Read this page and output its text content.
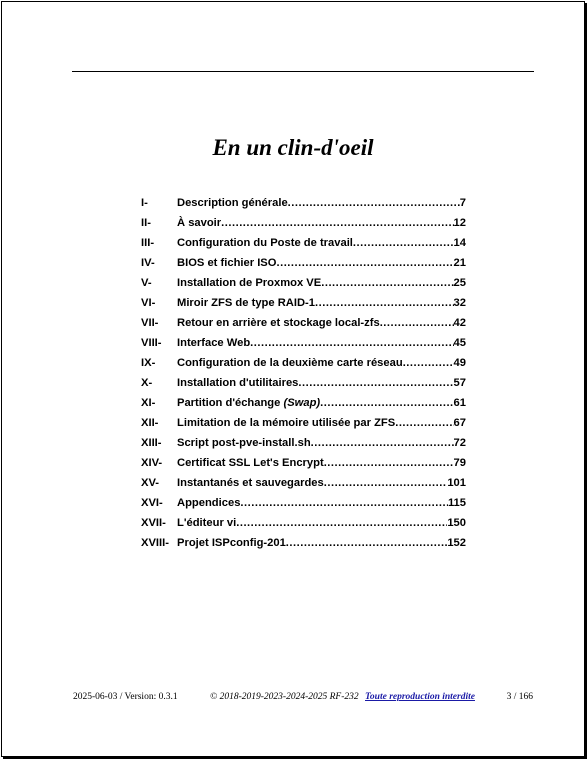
En un clin-d'oeil
I-	Description générale .....	7
II-	À savoir .....	12
III-	Configuration du Poste de travail .....	14
IV-	BIOS et fichier ISO .....	21
V-	Installation de Proxmox VE .....	25
VI-	Miroir ZFS de type RAID-1 .....	32
VII-	Retour en arrière et stockage local-zfs .....	42
VIII-	Interface Web .....	45
IX-	Configuration de la deuxième carte réseau .....	49
X-	Installation d'utilitaires .....	57
XI-	Partition d'échange (Swap) .....	61
XII-	Limitation de la mémoire utilisée par ZFS .....	67
XIII-	Script post-pve-install.sh .....	72
XIV-	Certificat SSL Let's Encrypt .....	79
XV-	Instantanés et sauvegardes .....	101
XVI-	Appendices .....	115
XVII- L'éditeur vi .....	150
XVIII- Projet ISPconfig-201 .....	152
2025-06-03 / Version: 0.3.1	© 2018-2019-2023-2024-2025 RF-232 Toute reproduction interdite	3 / 166
